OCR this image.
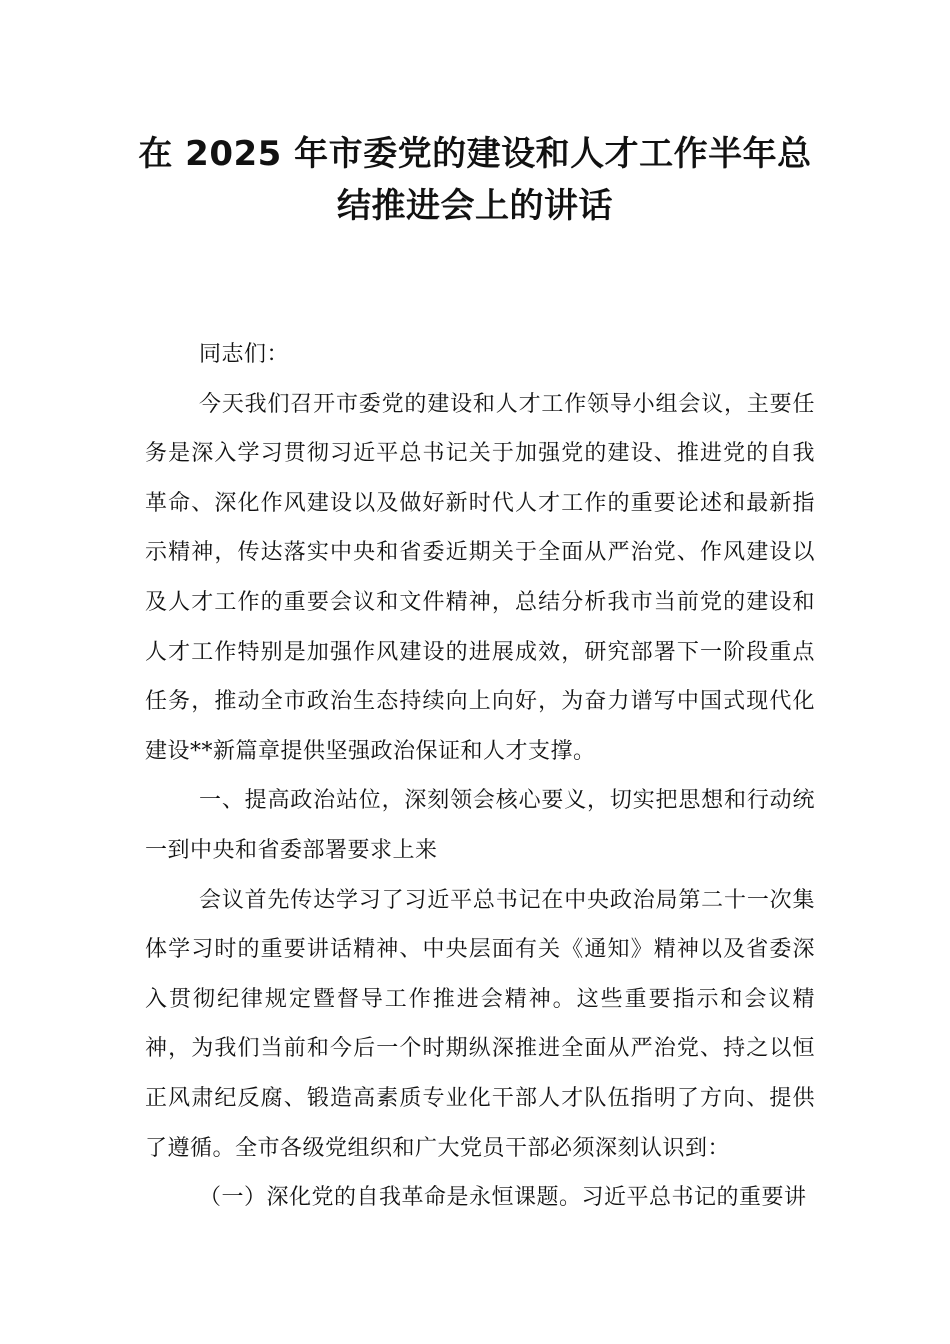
在 2025 年市委党的建设和人才工作半年总
结推进会上的讲话

同志们：

今天我们召开市委党的建设和人才工作领导小组会议，主要任务是深入学习贯彻习近平总书记关于加强党的建设、推进党的自我革命、深化作风建设以及做好新时代人才工作的重要论述和最新指示精神，传达落实中央和省委近期关于全面从严治党、作风建设以及人才工作的重要会议和文件精神，总结分析我市当前党的建设和人才工作特别是加强作风建设的进展成效，研究部署下一阶段重点任务，推动全市政治生态持续向上向好，为奋力谱写中国式现代化建设**新篇章提供坚强政治保证和人才支撑。

一、提高政治站位，深刻领会核心要义，切实把思想和行动统一到中央和省委部署要求上来

会议首先传达学习了习近平总书记在中央政治局第二十一次集体学习时的重要讲话精神、中央层面有关《通知》精神以及省委深入贯彻纪律规定暨督导工作推进会精神。这些重要指示和会议精神，为我们当前和今后一个时期纵深推进全面从严治党、持之以恒正风肃纪反腐、锻造高素质专业化干部人才队伍指明了方向、提供了遵循。全市各级党组织和广大党员干部必须深刻认识到：

（一）深化党的自我革命是永恒课题。习近平总书记的重要讲
